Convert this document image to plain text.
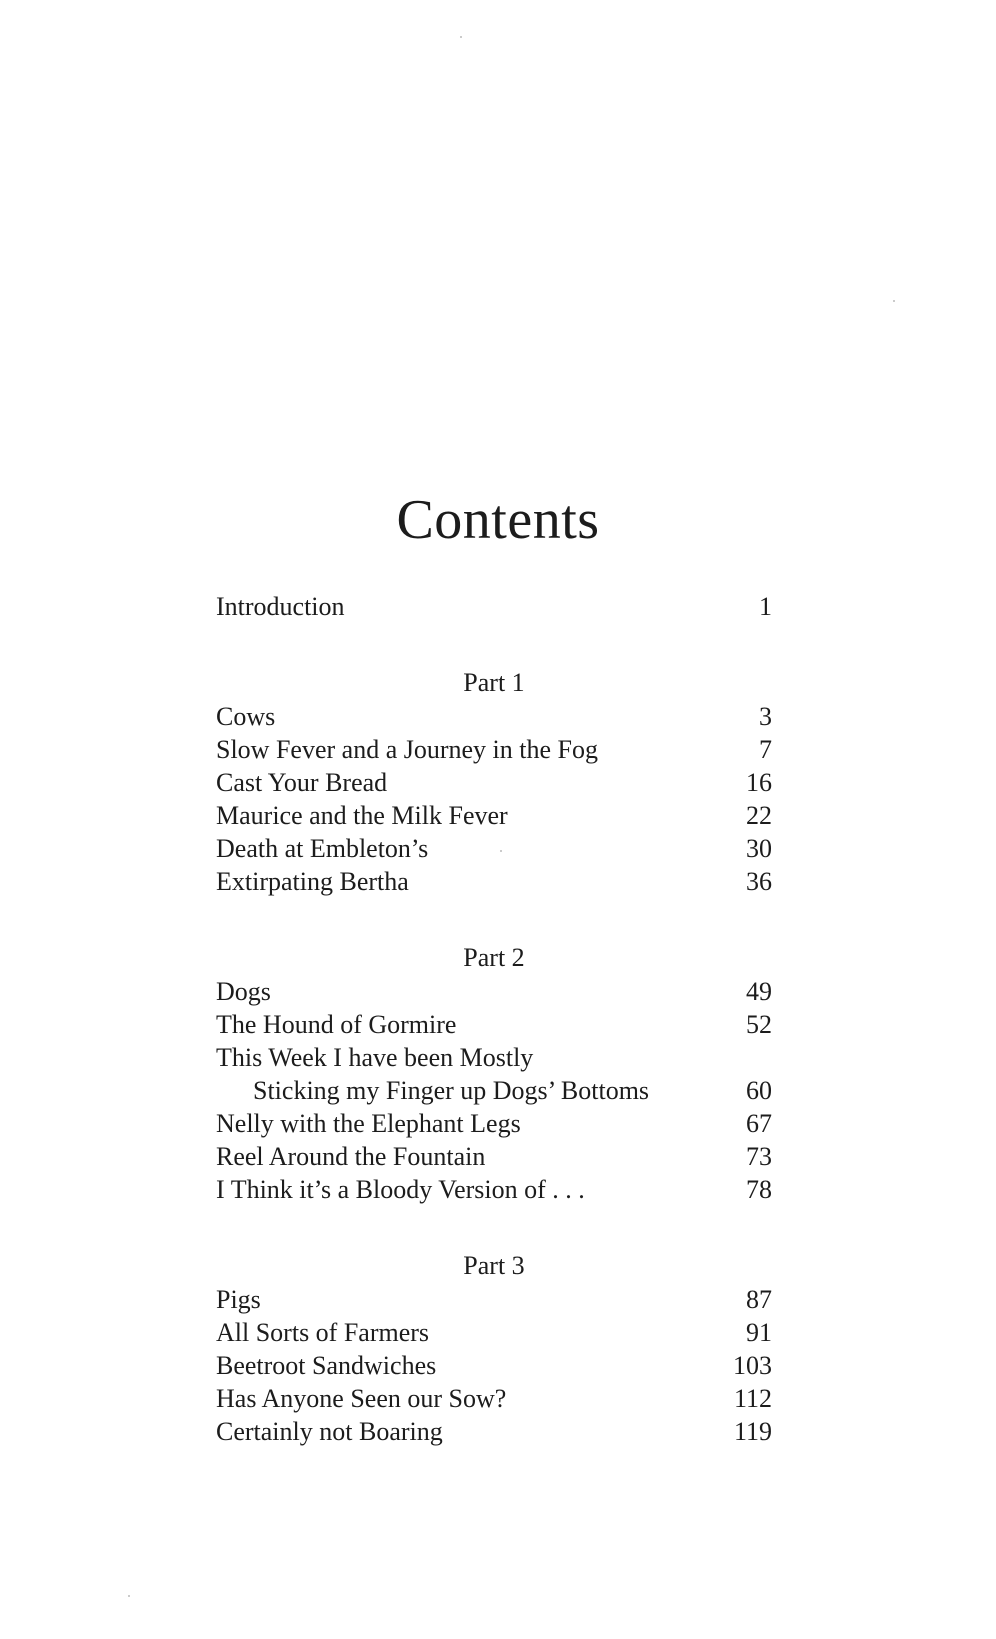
Contents
Introduction	1
Part 1
Cows	3
Slow Fever and a Journey in the Fog	7
Cast Your Bread	16
Maurice and the Milk Fever	22
Death at Embleton’s	30
Extirpating Bertha	36
Part 2
Dogs	49
The Hound of Gormire	52
This Week I have been Mostly
Sticking my Finger up Dogs’ Bottoms	60
Nelly with the Elephant Legs	67
Reel Around the Fountain	73
I Think it’s a Bloody Version of . . .	78
Part 3
Pigs	87
All Sorts of Farmers	91
Beetroot Sandwiches	103
Has Anyone Seen our Sow?	112
Certainly not Boaring	119
